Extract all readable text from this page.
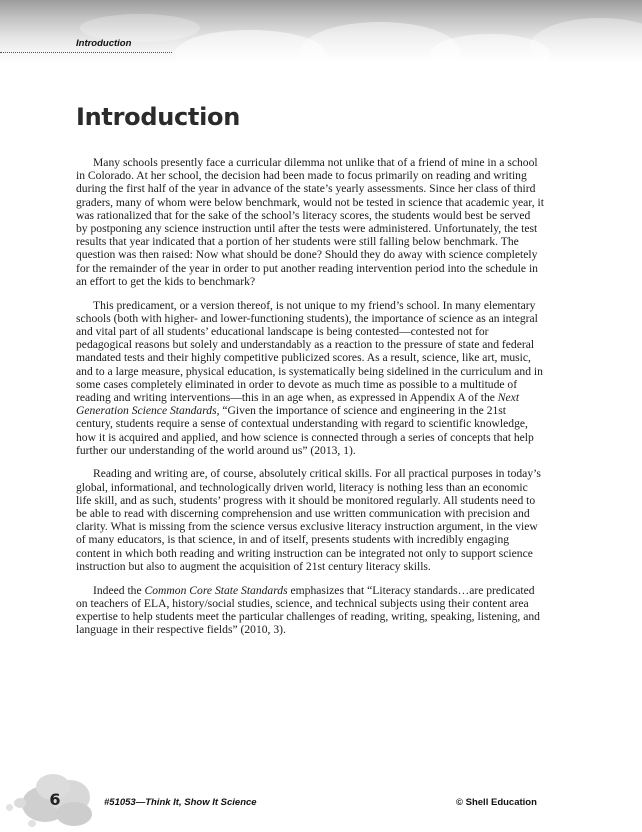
Introduction
Introduction

Many schools presently face a curricular dilemma not unlike that of a friend of mine in a school in Colorado. At her school, the decision had been made to focus primarily on reading and writing during the first half of the year in advance of the state’s yearly assessments. Since her class of third graders, many of whom were below benchmark, would not be tested in science that academic year, it was rationalized that for the sake of the school’s literacy scores, the students would best be served by postponing any science instruction until after the tests were administered. Unfortunately, the test results that year indicated that a portion of her students were still falling below benchmark. The question was then raised: Now what should be done? Should they do away with science completely for the remainder of the year in order to put another reading intervention period into the schedule in an effort to get the kids to benchmark?

This predicament, or a version thereof, is not unique to my friend’s school. In many elementary schools (both with higher- and lower-functioning students), the importance of science as an integral and vital part of all students’ educational landscape is being contested—contested not for pedagogical reasons but solely and understandably as a reaction to the pressure of state and federal mandated tests and their highly competitive publicized scores. As a result, science, like art, music, and to a large measure, physical education, is systematically being sidelined in the curriculum and in some cases completely eliminated in order to devote as much time as possible to a multitude of reading and writing interventions—this in an age when, as expressed in Appendix A of the Next Generation Science Standards, “Given the importance of science and engineering in the 21st century, students require a sense of contextual understanding with regard to scientific knowledge, how it is acquired and applied, and how science is connected through a series of concepts that help further our understanding of the world around us” (2013, 1).

Reading and writing are, of course, absolutely critical skills. For all practical purposes in today’s global, informational, and technologically driven world, literacy is nothing less than an economic life skill, and as such, students’ progress with it should be monitored regularly. All students need to be able to read with discerning comprehension and use written communication with precision and clarity. What is missing from the science versus exclusive literacy instruction argument, in the view of many educators, is that science, in and of itself, presents students with incredibly engaging content in which both reading and writing instruction can be integrated not only to support science instruction but also to augment the acquisition of 21st century literacy skills.

Indeed the Common Core State Standards emphasizes that “Literacy standards…are predicated on teachers of ELA, history/social studies, science, and technical subjects using their content area expertise to help students meet the particular challenges of reading, writing, speaking, listening, and language in their respective fields” (2010, 3).

6	#51053—Think It, Show It Science	© Shell Education
